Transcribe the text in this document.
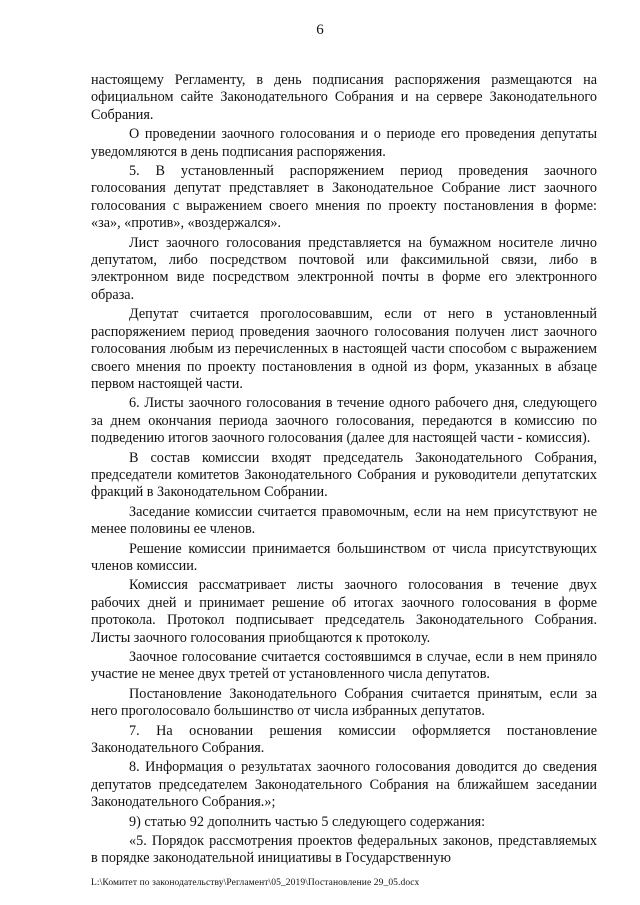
6

настоящему Регламенту, в день подписания распоряжения размещаются на официальном сайте Законодательного Собрания и на сервере Законодательного Собрания.

О проведении заочного голосования и о периоде его проведения депутаты уведомляются в день подписания распоряжения.

5. В установленный распоряжением период проведения заочного голосования депутат представляет в Законодательное Собрание лист заочного голосования с выражением своего мнения по проекту постановления в форме: «за», «против», «воздержался».

Лист заочного голосования представляется на бумажном носителе лично депутатом, либо посредством почтовой или факсимильной связи, либо в электронном виде посредством электронной почты в форме его электронного образа.

Депутат считается проголосовавшим, если от него в установленный распоряжением период проведения заочного голосования получен лист заочного голосования любым из перечисленных в настоящей части способом с выражением своего мнения по проекту постановления в одной из форм, указанных в абзаце первом настоящей части.

6. Листы заочного голосования в течение одного рабочего дня, следующего за днем окончания периода заочного голосования, передаются в комиссию по подведению итогов заочного голосования (далее для настоящей части - комиссия).

В состав комиссии входят председатель Законодательного Собрания, председатели комитетов Законодательного Собрания и руководители депутатских фракций в Законодательном Собрании.

Заседание комиссии считается правомочным, если на нем присутствуют не менее половины ее членов.

Решение комиссии принимается большинством от числа присутствующих членов комиссии.

Комиссия рассматривает листы заочного голосования в течение двух рабочих дней и принимает решение об итогах заочного голосования в форме протокола. Протокол подписывает председатель Законодательного Собрания. Листы заочного голосования приобщаются к протоколу.

Заочное голосование считается состоявшимся в случае, если в нем приняло участие не менее двух третей от установленного числа депутатов.

Постановление Законодательного Собрания считается принятым, если за него проголосовало большинство от числа избранных депутатов.

7. На основании решения комиссии оформляется постановление Законодательного Собрания.

8. Информация о результатах заочного голосования доводится до сведения депутатов председателем Законодательного Собрания на ближайшем заседании Законодательного Собрания.»;

9) статью 92 дополнить частью 5 следующего содержания:

«5. Порядок рассмотрения проектов федеральных законов, представляемых в порядке законодательной инициативы в Государственную

L:\Комитет по законодательству\Регламент\05_2019\Постановление 29_05.docx
